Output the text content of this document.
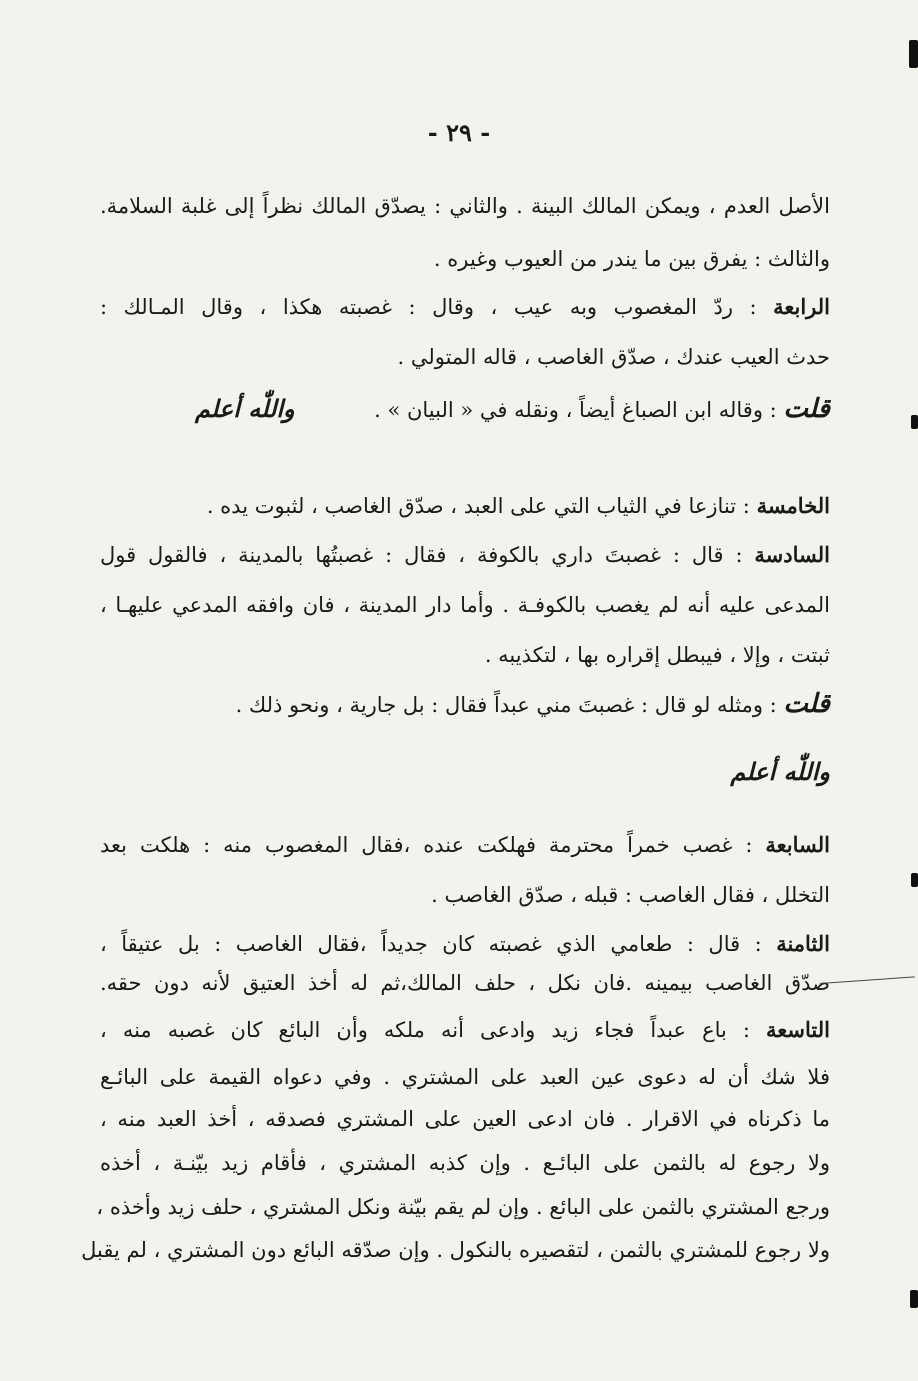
- ٢٩ -
الأصل العدم ، ويمكن المالك البينة . والثاني : يصدّق المالك نظراً إلى غلبة السلامة.
والثالث : يفرق بين ما يندر من العيوب وغيره .
الرابعة : ردّ المغصوب وبه عيب ، وقال : غصبته هكذا ، وقال المـالك :
حدث العيب عندك ، صدّق الغاصب ، قاله المتولي .
قلت : وقاله ابن الصباغ أيضاً ، ونقله في « البيان » .
واللّٰه أعلم
الخامسة : تنازعا في الثياب التي على العبد ، صدّق الغاصب ، لثبوت يده .
السادسة : قال : غصبتَ داري بالكوفة ، فقال : غصبتُها بالمدينة ، فالقول قول
المدعى عليه أنه لم يغصب بالكوفـة . وأما دار المدينة ، فان وافقه المدعي عليهـا ،
ثبتت ، وإلا ، فيبطل إقراره بها ، لتكذيبه .
قلت : ومثله لو قال : غصبتَ مني عبداً فقال : بل جارية ، ونحو ذلك .
واللّٰه أعلم
السابعة : غصب خمراً محترمة فهلكت عنده ،فقال المغصوب منه : هلكت بعد
التخلل ، فقال الغاصب : قبله ، صدّق الغاصب .
الثامنة : قال : طعامي الذي غصبته كان جديداً ،فقال الغاصب : بل عتيقاً ،
صدّق الغاصب بيمينه .فان نكل ، حلف المالك،ثم له أخذ العتيق لأنه دون حقه.
التاسعة : باع عبداً فجاء زيد وادعى أنه ملكه وأن البائع كان غصبه منه ،
فلا شك أن له دعوى عين العبد على المشتري . وفي دعواه القيمة على البائـع
ما ذكرناه في الاقرار . فان ادعى العين على المشتري فصدقه ، أخذ العبد منه ،
ولا رجوع له بالثمن على البائـع . وإن كذبه المشتري ، فأقام زيد بيّنـة ، أخذه
ورجع المشتري بالثمن على البائع . وإن لم يقم بيّنة ونكل المشتري ، حلف زيد وأخذه ،
ولا رجوع للمشتري بالثمن ، لتقصيره بالنكول . وإن صدّقه البائع دون المشتري ، لم يقبل
